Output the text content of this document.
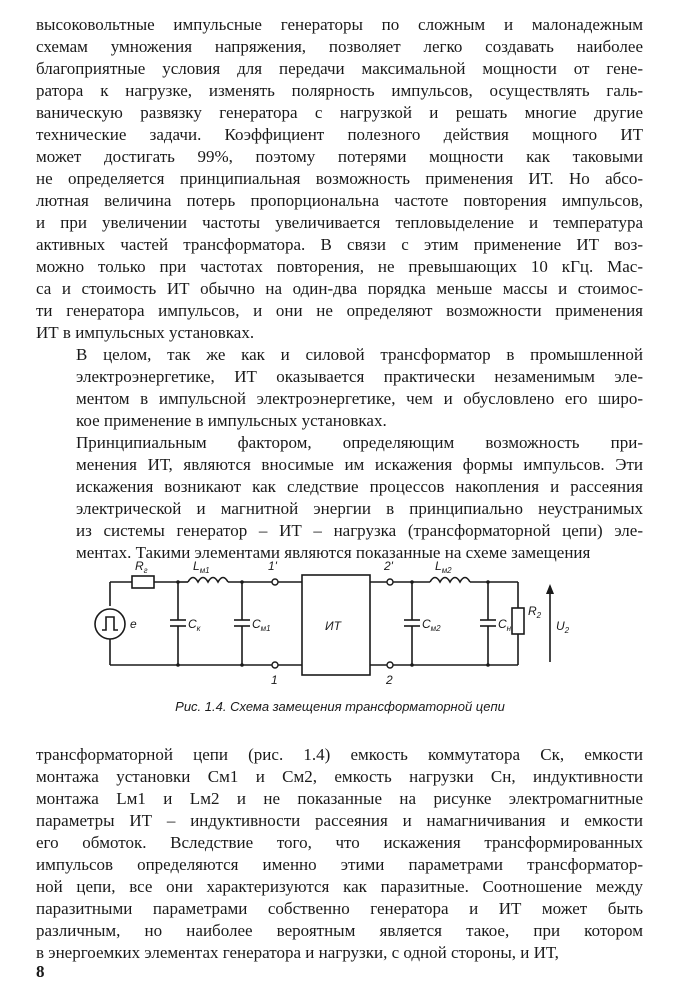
высоковольтные импульсные генераторы по сложным и малонадежным
схемам умножения напряжения, позволяет легко создавать наиболее
благоприятные условия для передачи максимальной мощности от гене-
ратора к нагрузке, изменять полярность импульсов, осуществлять галь-
ваническую развязку генератора с нагрузкой и решать многие другие
технические задачи. Коэффициент полезного действия мощного ИТ
может достигать 99%, поэтому потерями мощности как таковыми
не определяется принципиальная возможность применения ИТ. Но абсо-
лютная величина потерь пропорциональна частоте повторения импульсов,
и при увеличении частоты увеличивается тепловыделение и температура
активных частей трансформатора. В связи с этим применение ИТ воз-
можно только при частотах повторения, не превышающих 10 кГц. Мас-
са и стоимость ИТ обычно на один-два порядка меньше массы и стоимос-
ти генератора импульсов, и они не определяют возможности применения
ИТ в импульсных установках.

В целом, так же как и силовой трансформатор в промышленной
электроэнергетике, ИТ оказывается практически незаменимым эле-
ментом в импульсной электроэнергетике, чем и обусловлено его широ-
кое применение в импульсных установках.

Принципиальным фактором, определяющим возможность при-
менения ИТ, являются вносимые им искажения формы импульсов. Эти
искажения возникают как следствие процессов накопления и рассеяния
электрической и магнитной энергии в принципиально неустранимых
из системы генератор – ИТ – нагрузка (трансформаторной цепи) эле-
ментах. Такими элементами являются показанные на схеме замещения

$R_г$	$L_{м1}$	1'	2'	$L_{м2}$
e	$C_к$	$C_{м1}$	ИТ	$C_{м2}$	$C_н$
$R_2$
$U_2$
1	2
Рис. 1.4. Схема замещения трансформаторной цепи

трансформаторной цепи (рис. 1.4) емкость коммутатора Cк, емкости
монтажа установки Cм1 и Cм2, емкость нагрузки Cн, индуктивности
монтажа Lм1 и Lм2 и не показанные на рисунке электромагнитные
параметры ИТ – индуктивности рассеяния и намагничивания и емкости
его обмоток. Вследствие того, что искажения трансформированных
импульсов определяются именно этими параметрами трансформатор-
ной цепи, все они характеризуются как паразитные. Соотношение между
паразитными параметрами собственно генератора и ИТ может быть
различным, но наиболее вероятным является такое, при котором
в энергоемких элементах генератора и нагрузки, с одной стороны, и ИТ,

8
